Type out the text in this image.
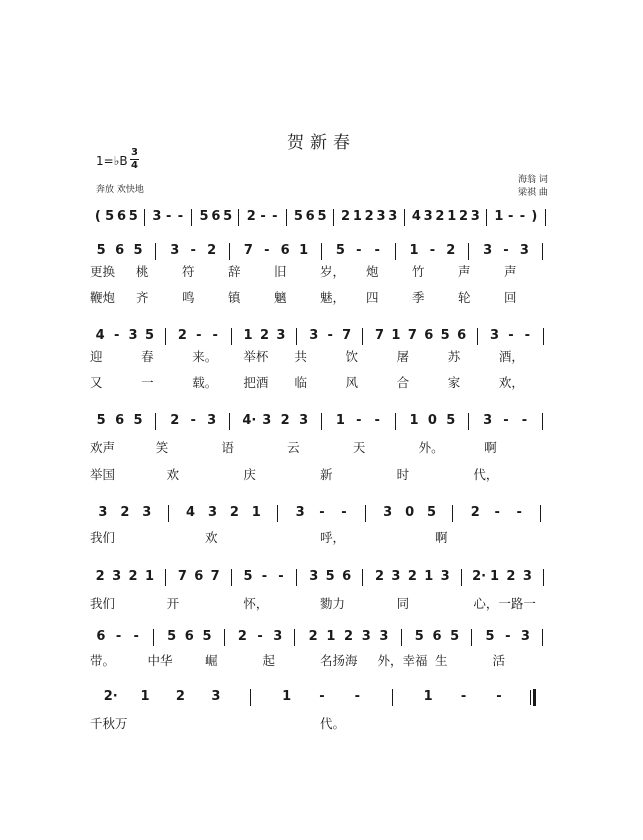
贺新春
1=♭B $\frac{3}{4}$
奔放 欢快地
海翁 词
梁祺 曲
( 5 6 5 3 - - 5 6 5 2 - - 5 6 5 2 1 2 3 3 4 3 2 1 2 3 1 - - )
5 6 5 3 - 2 7 - 6 1 5 - - 1 - 2 3 - 3
4 - 3 5 2 - - 1 2 3 3 - 7 7 1 7 6 5 6 3 - -
5 6 5 2 - 3 4· 3 2 3 1 - - 1 0 5 3 - -
3 2 3	4 3 2 1	3 - -	3 0 5	2 - -
2 3 2 1 7 6 7 5 - - 3 5 6 2 3 2 1 3 2· 1 2 3
6 - - 5 6 5 2 - 3 2 1 2 3 3 5 6 5 5 - 3
2· 1 2 3	1 - -	1 - -
更换 桃	符	辞	旧	岁， 炮	竹	声	声
鞭炮 齐	鸣	镇	魑	魅， 四	季	轮	回
迎	春	来。 举杯 共	饮	屠	苏	酒，
又	一	载。 把酒 临	风	合	家	欢，
欢声	笑	语	云	天	外。	啊
举国	欢	庆	新	时	代，
我们	欢	呼，	啊
我们	开	怀，	勠力	同	心，一路一
带。	中华	崛	起	名扬海 外，幸福 生	活
千秋万	代。
